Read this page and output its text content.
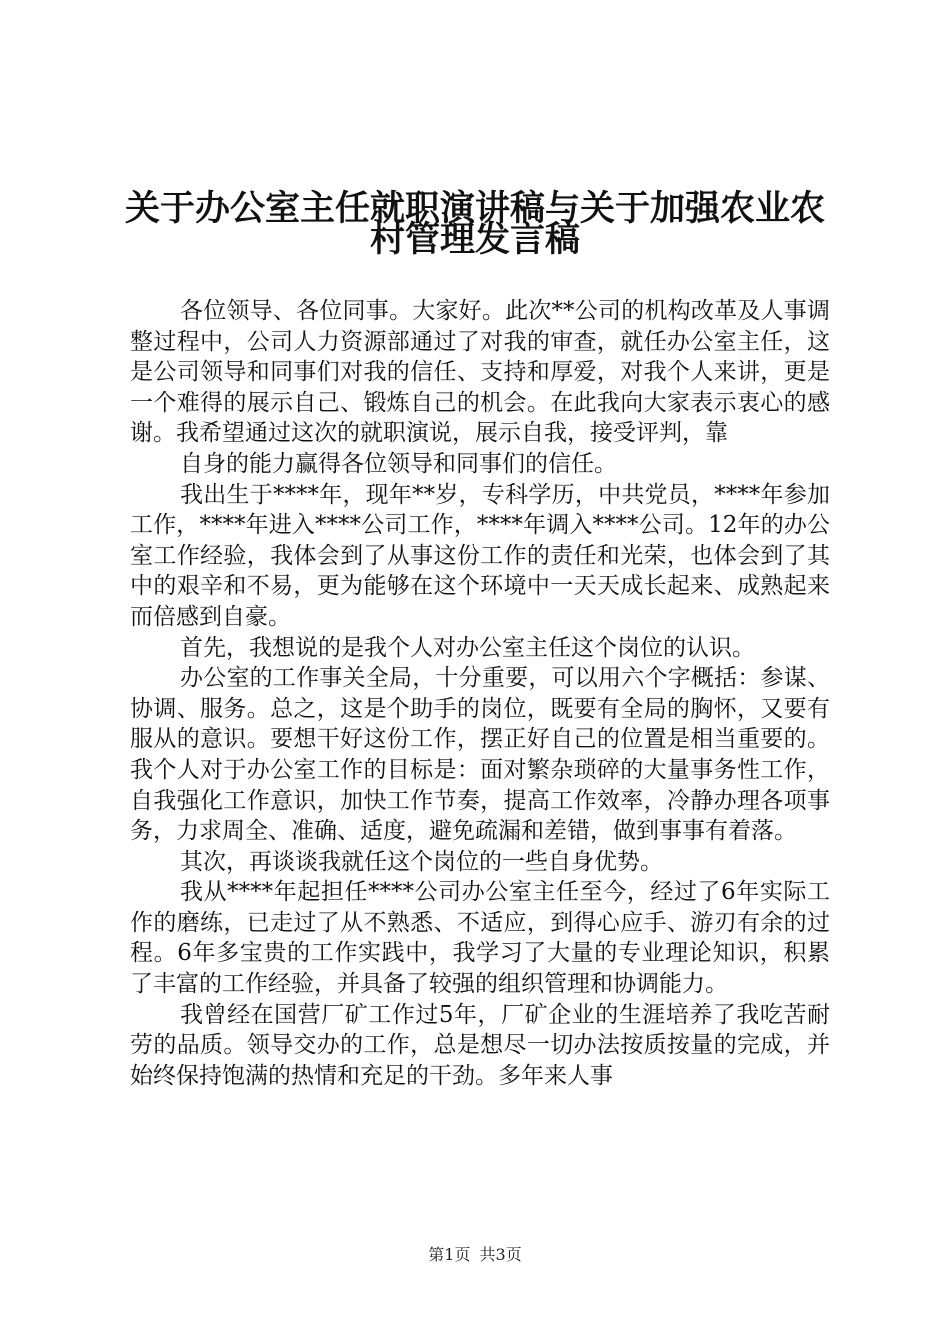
关于办公室主任就职演讲稿与关于加强农业农
村管理发言稿

各位领导、各位同事。大家好。此次**公司的机构改革及人事调整过程中，公司人力资源部通过了对我的审查，就任办公室主任，这是公司领导和同事们对我的信任、支持和厚爱，对我个人来讲，更是一个难得的展示自己、锻炼自己的机会。在此我向大家表示衷心的感谢。我希望通过这次的就职演说，展示自我，接受评判，靠

自身的能力赢得各位领导和同事们的信任。

我出生于****年，现年**岁，专科学历，中共党员，****年参加工作，****年进入****公司工作，****年调入****公司。12年的办公室工作经验，我体会到了从事这份工作的责任和光荣，也体会到了其中的艰辛和不易，更为能够在这个环境中一天天成长起来、成熟起来而倍感到自豪。

首先，我想说的是我个人对办公室主任这个岗位的认识。

办公室的工作事关全局，十分重要，可以用六个字概括：参谋、协调、服务。总之，这是个助手的岗位，既要有全局的胸怀，又要有服从的意识。要想干好这份工作，摆正好自己的位置是相当重要的。我个人对于办公室工作的目标是：面对繁杂琐碎的大量事务性工作，自我强化工作意识，加快工作节奏，提高工作效率，冷静办理各项事务，力求周全、准确、适度，避免疏漏和差错，做到事事有着落。

其次，再谈谈我就任这个岗位的一些自身优势。

我从****年起担任****公司办公室主任至今，经过了6年实际工作的磨练，已走过了从不熟悉、不适应，到得心应手、游刃有余的过程。6年多宝贵的工作实践中，我学习了大量的专业理论知识，积累了丰富的工作经验，并具备了较强的组织管理和协调能力。

我曾经在国营厂矿工作过5年，厂矿企业的生涯培养了我吃苦耐劳的品质。领导交办的工作，总是想尽一切办法按质按量的完成，并始终保持饱满的热情和充足的干劲。多年来人事

第1页 共3页
